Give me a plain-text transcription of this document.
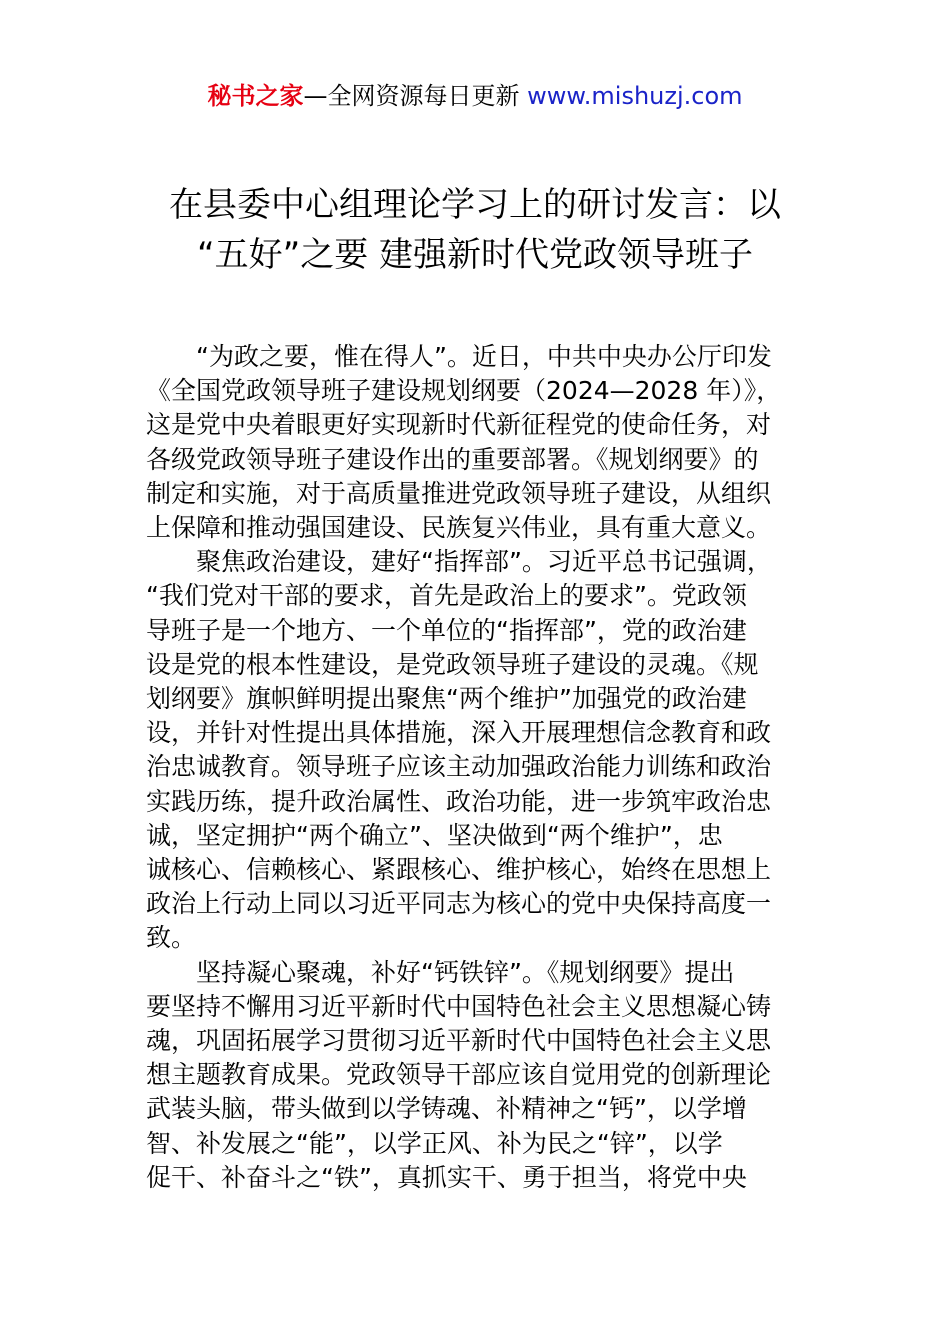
秘书之家—全网资源每日更新 www.mishuzj.com
在县委中心组理论学习上的研讨发言：以
“五好”之要 建强新时代党政领导班子

“为政之要，惟在得人”。近日，中共中央办公厅印发
《全国党政领导班子建设规划纲要（2024—2028 年）》，
这是党中央着眼更好实现新时代新征程党的使命任务，对
各级党政领导班子建设作出的重要部署。《规划纲要》的
制定和实施，对于高质量推进党政领导班子建设，从组织
上保障和推动强国建设、民族复兴伟业，具有重大意义。

聚焦政治建设，建好“指挥部”。习近平总书记强调，
“我们党对干部的要求，首先是政治上的要求”。党政领
导班子是一个地方、一个单位的“指挥部”，党的政治建
设是党的根本性建设，是党政领导班子建设的灵魂。《规
划纲要》旗帜鲜明提出聚焦“两个维护”加强党的政治建
设，并针对性提出具体措施，深入开展理想信念教育和政
治忠诚教育。领导班子应该主动加强政治能力训练和政治
实践历练，提升政治属性、政治功能，进一步筑牢政治忠
诚，坚定拥护“两个确立”、坚决做到“两个维护”，忠
诚核心、信赖核心、紧跟核心、维护核心，始终在思想上
政治上行动上同以习近平同志为核心的党中央保持高度一
致。

坚持凝心聚魂，补好“钙铁锌”。《规划纲要》提出
要坚持不懈用习近平新时代中国特色社会主义思想凝心铸
魂，巩固拓展学习贯彻习近平新时代中国特色社会主义思
想主题教育成果。党政领导干部应该自觉用党的创新理论
武装头脑，带头做到以学铸魂、补精神之“钙”，以学增
智、补发展之“能”，以学正风、补为民之“锌”，以学
促干、补奋斗之“铁”，真抓实干、勇于担当，将党中央
